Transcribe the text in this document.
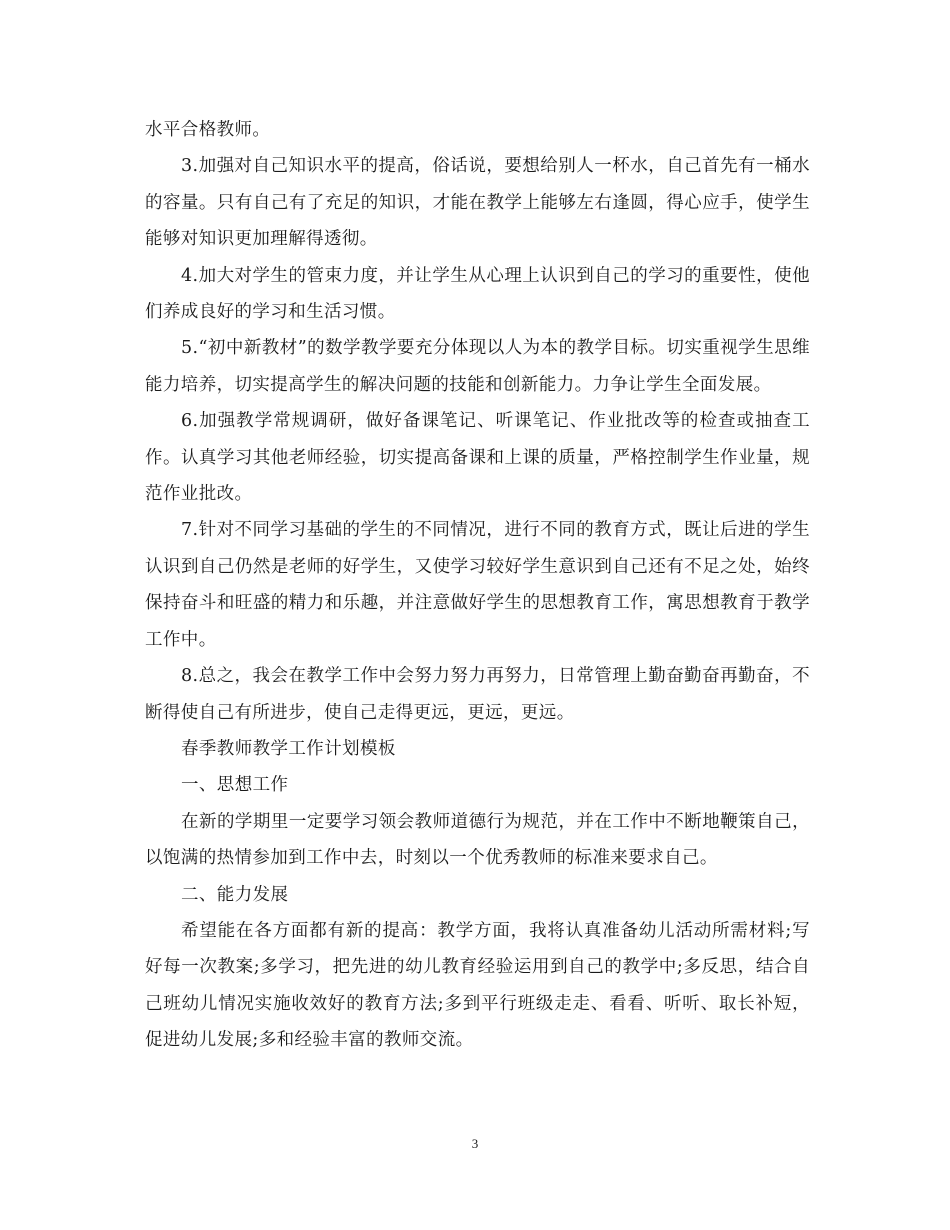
水平合格教师。

3.加强对自己知识水平的提高，俗话说，要想给别人一杯水，自己首先有一桶水的容量。只有自己有了充足的知识，才能在教学上能够左右逢圆，得心应手，使学生能够对知识更加理解得透彻。

4.加大对学生的管束力度，并让学生从心理上认识到自己的学习的重要性，使他们养成良好的学习和生活习惯。

5.“初中新教材”的数学教学要充分体现以人为本的教学目标。切实重视学生思维能力培养，切实提高学生的解决问题的技能和创新能力。力争让学生全面发展。

6.加强教学常规调研，做好备课笔记、听课笔记、作业批改等的检查或抽查工作。认真学习其他老师经验，切实提高备课和上课的质量，严格控制学生作业量，规范作业批改。

7.针对不同学习基础的学生的不同情况，进行不同的教育方式，既让后进的学生认识到自己仍然是老师的好学生，又使学习较好学生意识到自己还有不足之处，始终保持奋斗和旺盛的精力和乐趣，并注意做好学生的思想教育工作，寓思想教育于教学工作中。

8.总之，我会在教学工作中会努力努力再努力，日常管理上勤奋勤奋再勤奋，不断得使自己有所进步，使自己走得更远，更远，更远。

春季教师教学工作计划模板

一、思想工作

在新的学期里一定要学习领会教师道德行为规范，并在工作中不断地鞭策自己，以饱满的热情参加到工作中去，时刻以一个优秀教师的标准来要求自己。

二、能力发展

希望能在各方面都有新的提高：教学方面，我将认真准备幼儿活动所需材料;写好每一次教案;多学习，把先进的幼儿教育经验运用到自己的教学中;多反思，结合自己班幼儿情况实施收效好的教育方法;多到平行班级走走、看看、听听、取长补短，促进幼儿发展;多和经验丰富的教师交流。

3
